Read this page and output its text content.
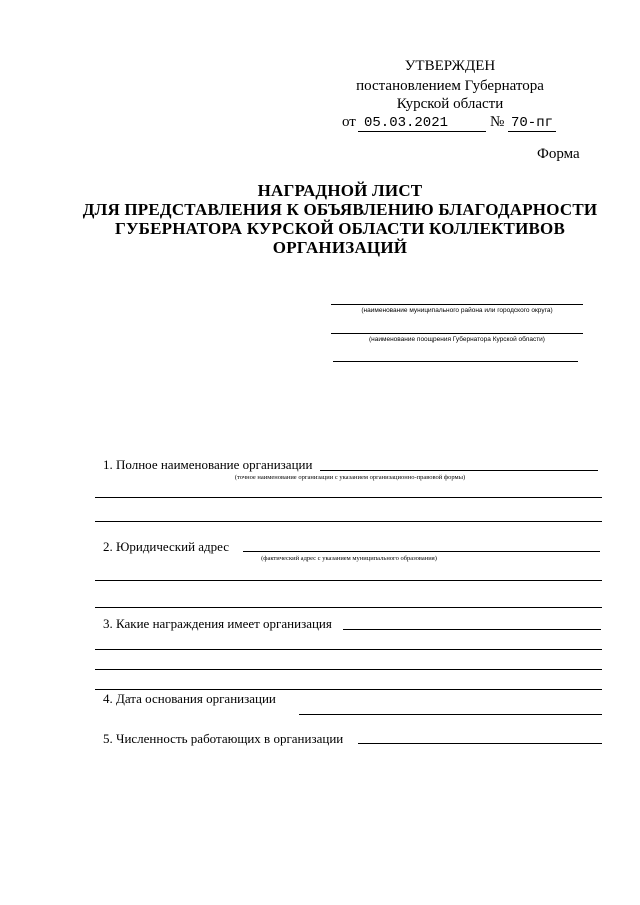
УТВЕРЖДЕН
постановлением Губернатора
Курской области
от 05.03.2021	№ 70-пг
Форма
НАГРАДНОЙ ЛИСТ
ДЛЯ ПРЕДСТАВЛЕНИЯ К ОБЪЯВЛЕНИЮ БЛАГОДАРНОСТИ
ГУБЕРНАТОРА КУРСКОЙ ОБЛАСТИ КОЛЛЕКТИВОВ
ОРГАНИЗАЦИЙ
(наименование муниципального района или городского округа)
(наименование поощрения Губернатора Курской области)
1. Полное наименование организации
(точное наименование организации с указанием организационно-правовой формы)
2. Юридический адрес
(фактический адрес с указанием муниципального образования)
3. Какие награждения имеет организация
4. Дата основания организации
5. Численность работающих в организации
